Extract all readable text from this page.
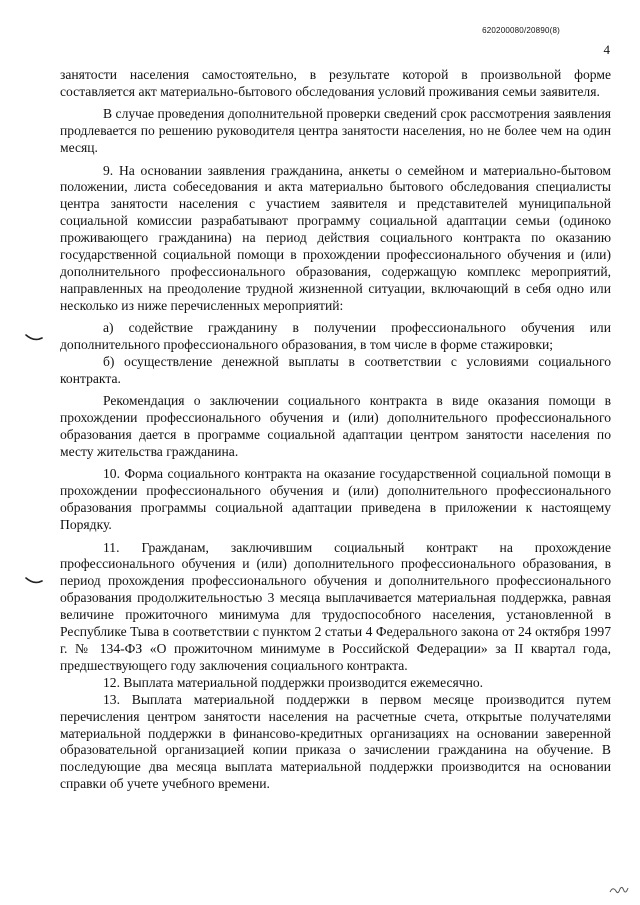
620200080/20890(8)
4

занятости населения самостоятельно, в результате которой в произвольной форме составляется акт материально-бытового обследования условий проживания семьи заявителя.

В случае проведения дополнительной проверки сведений срок рассмотрения заявления продлевается по решению руководителя центра занятости населения, но не более чем на один месяц.

9. На основании заявления гражданина, анкеты о семейном и материально-бытовом положении, листа собеседования и акта материально бытового обследования специалисты центра занятости населения с участием заявителя и представителей муниципальной социальной комиссии разрабатывают программу социальной адаптации семьи (одиноко проживающего гражданина) на период действия социального контракта по оказанию государственной социальной помощи в прохождении профессионального обучения и (или) дополнительного профессионального образования, содержащую комплекс мероприятий, направленных на преодоление трудной жизненной ситуации, включающий в себя одно или несколько из ниже перечисленных мероприятий:

а) содействие гражданину в получении профессионального обучения или дополнительного профессионального образования, в том числе в форме стажировки;

б) осуществление денежной выплаты в соответствии с условиями социального контракта.

Рекомендация о заключении социального контракта в виде оказания помощи в прохождении профессионального обучения и (или) дополнительного профессионального образования дается в программе социальной адаптации центром занятости населения по месту жительства гражданина.

10. Форма социального контракта на оказание государственной социальной помощи в прохождении профессионального обучения и (или) дополнительного профессионального образования программы социальной адаптации приведена в приложении к настоящему Порядку.

11. Гражданам, заключившим социальный контракт на прохождение профессионального обучения и (или) дополнительного профессионального образования, в период прохождения профессионального обучения и дополнительного профессионального образования продолжительностью 3 месяца выплачивается материальная поддержка, равная величине прожиточного минимума для трудоспособного населения, установленной в Республике Тыва в соответствии с пунктом 2 статьи 4 Федерального закона от 24 октября 1997 г. № 134-ФЗ «О прожиточном минимуме в Российской Федерации» за II квартал года, предшествующего году заключения социального контракта.

12. Выплата материальной поддержки производится ежемесячно.

13. Выплата материальной поддержки в первом месяце производится путем перечисления центром занятости населения на расчетные счета, открытые получателями материальной поддержки в финансово-кредитных организациях на основании заверенной образовательной организацией копии приказа о зачислении гражданина на обучение. В последующие два месяца выплата материальной поддержки производится на основании справки об учете учебного времени.
